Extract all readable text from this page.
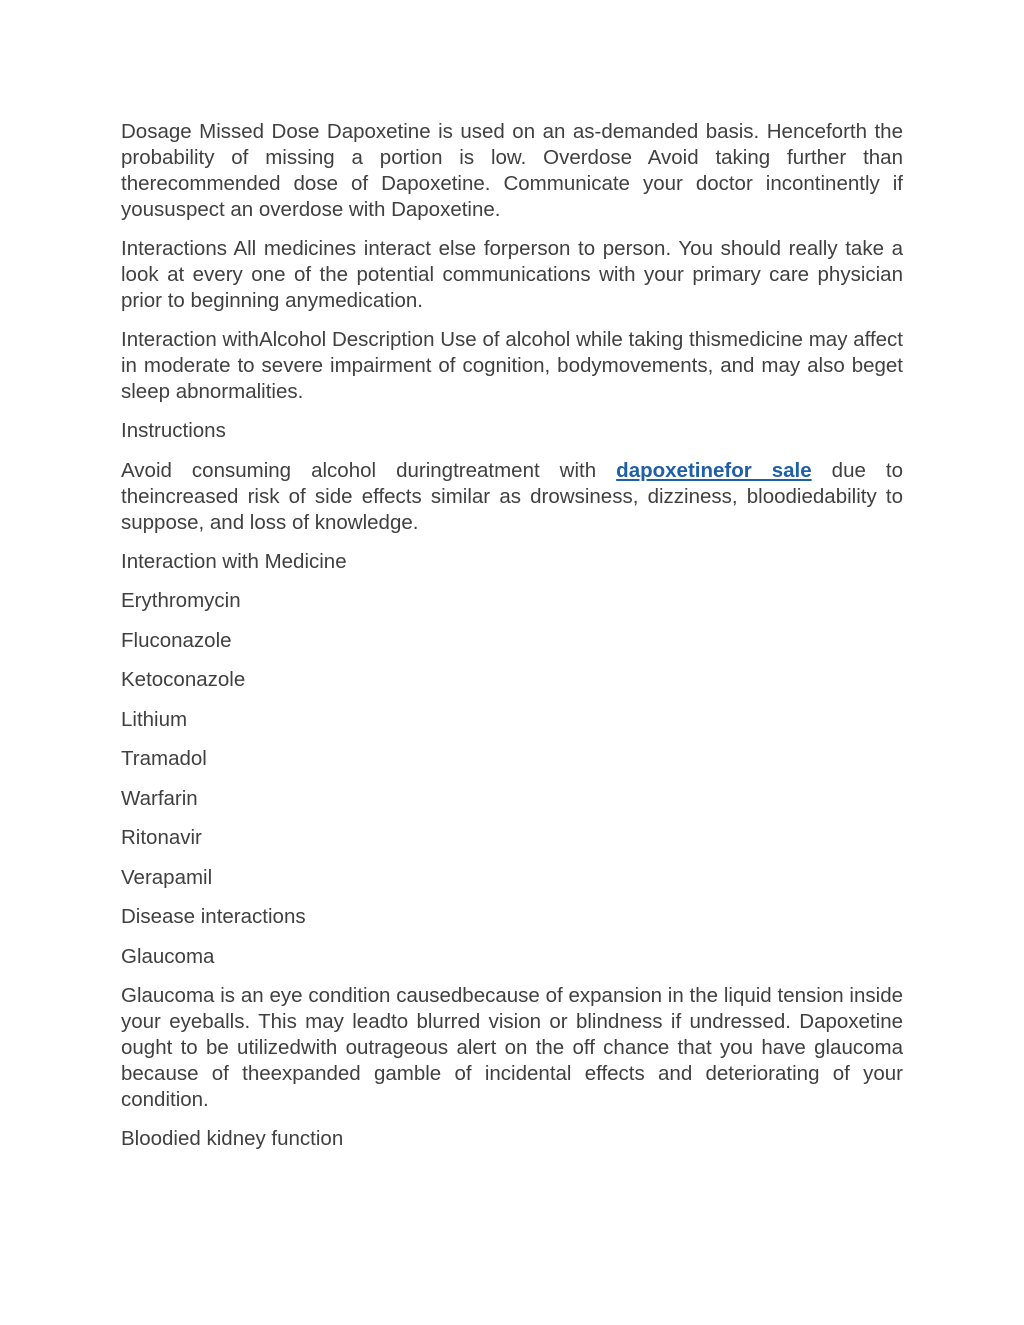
Dosage Missed Dose Dapoxetine is used on an as-demanded basis. Henceforth the probability of missing a portion is low. Overdose Avoid taking further than therecommended dose of Dapoxetine. Communicate your doctor incontinently if yoususpect an overdose with Dapoxetine.

Interactions All medicines interact else forperson to person. You should really take a look at every one of the potential communications with your primary care physician prior to beginning anymedication.

Interaction withAlcohol Description Use of alcohol while taking thismedicine may affect in moderate to severe impairment of cognition, bodymovements, and may also beget sleep abnormalities.

Instructions

Avoid consuming alcohol duringtreatment with dapoxetinefor sale due to theincreased risk of side effects similar as drowsiness, dizziness, bloodiedability to suppose, and loss of knowledge.

Interaction with Medicine

Erythromycin

Fluconazole

Ketoconazole

Lithium

Tramadol

Warfarin

Ritonavir

Verapamil

Disease interactions

Glaucoma

Glaucoma is an eye condition causedbecause of expansion in the liquid tension inside your eyeballs. This may leadto blurred vision or blindness if undressed. Dapoxetine ought to be utilizedwith outrageous alert on the off chance that you have glaucoma because of theexpanded gamble of incidental effects and deteriorating of your condition.

Bloodied kidney function
